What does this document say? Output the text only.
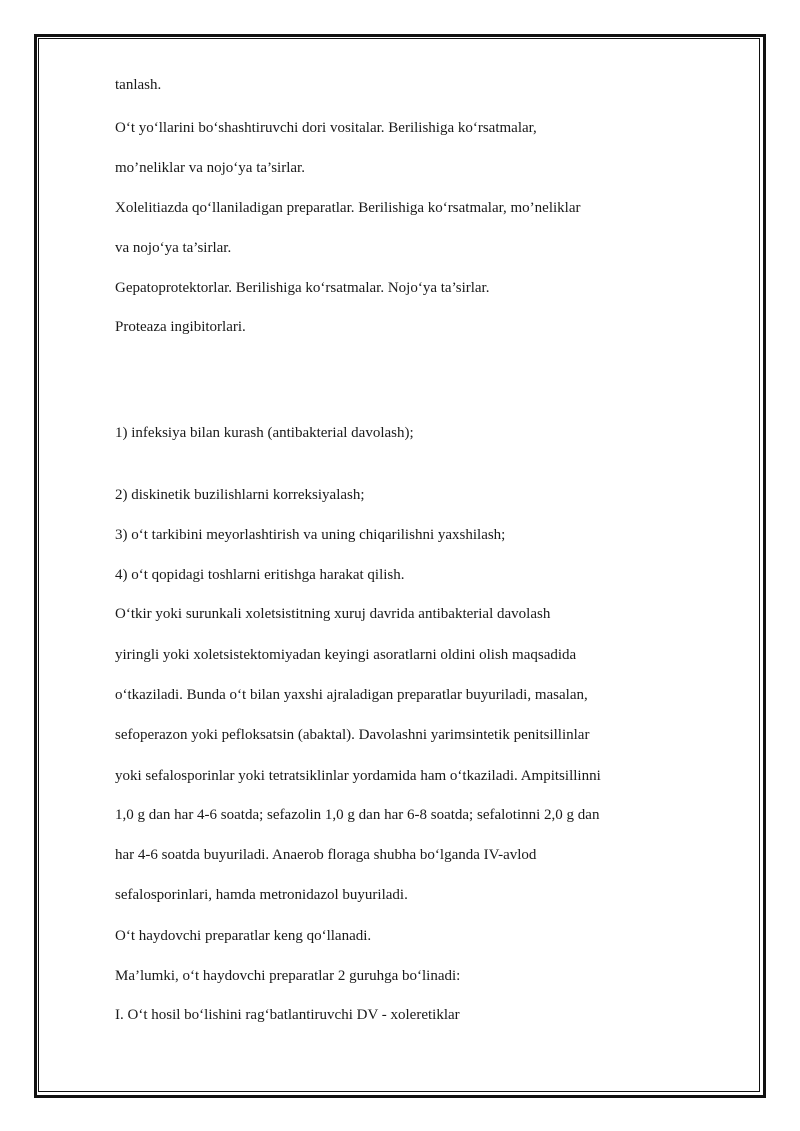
tanlash.

O‘t yo‘llarini bo‘shashtiruvchi dori vositalar. Berilishiga ko‘rsatmalar,

mo’neliklar va nojo‘ya ta’sirlar.

Xolelitiazda qo‘llaniladigan preparatlar. Berilishiga ko‘rsatmalar, mo’neliklar

va nojo‘ya ta’sirlar.

Gepatoprotektorlar. Berilishiga ko‘rsatmalar. Nojo‘ya ta’sirlar.

Proteaza ingibitorlari.

1) infeksiya bilan kurash (antibakterial davolash);

2) diskinetik buzilishlarni korreksiyalash;

3) o‘t tarkibini meyorlashtirish va uning chiqarilishni yaxshilash;

4) o‘t qopidagi toshlarni eritishga harakat qilish.

O‘tkir yoki surunkali xoletsistitning xuruj davrida antibakterial davolash

yiringli yoki xoletsistektomiyadan keyingi asoratlarni oldini olish maqsadida

o‘tkaziladi. Bunda o‘t bilan yaxshi ajraladigan preparatlar buyuriladi, masalan,

sefoperazon yoki pefloksatsin (abaktal). Davolashni yarimsintetik penitsillinlar

yoki sefalosporinlar yoki tetratsiklinlar yordamida ham o‘tkaziladi. Ampitsillinni

1,0 g dan har 4-6 soatda; sefazolin 1,0 g dan har 6-8 soatda; sefalotinni 2,0 g dan

har 4-6 soatda buyuriladi. Anaerob floraga shubha bo‘lganda IV-avlod

sefalosporinlari, hamda metronidazol buyuriladi.

O‘t haydovchi preparatlar keng qo‘llanadi.

Ma’lumki, o‘t haydovchi preparatlar 2 guruhga bo‘linadi:

I. O‘t hosil bo‘lishini rag‘batlantiruvchi DV - xoleretiklar
